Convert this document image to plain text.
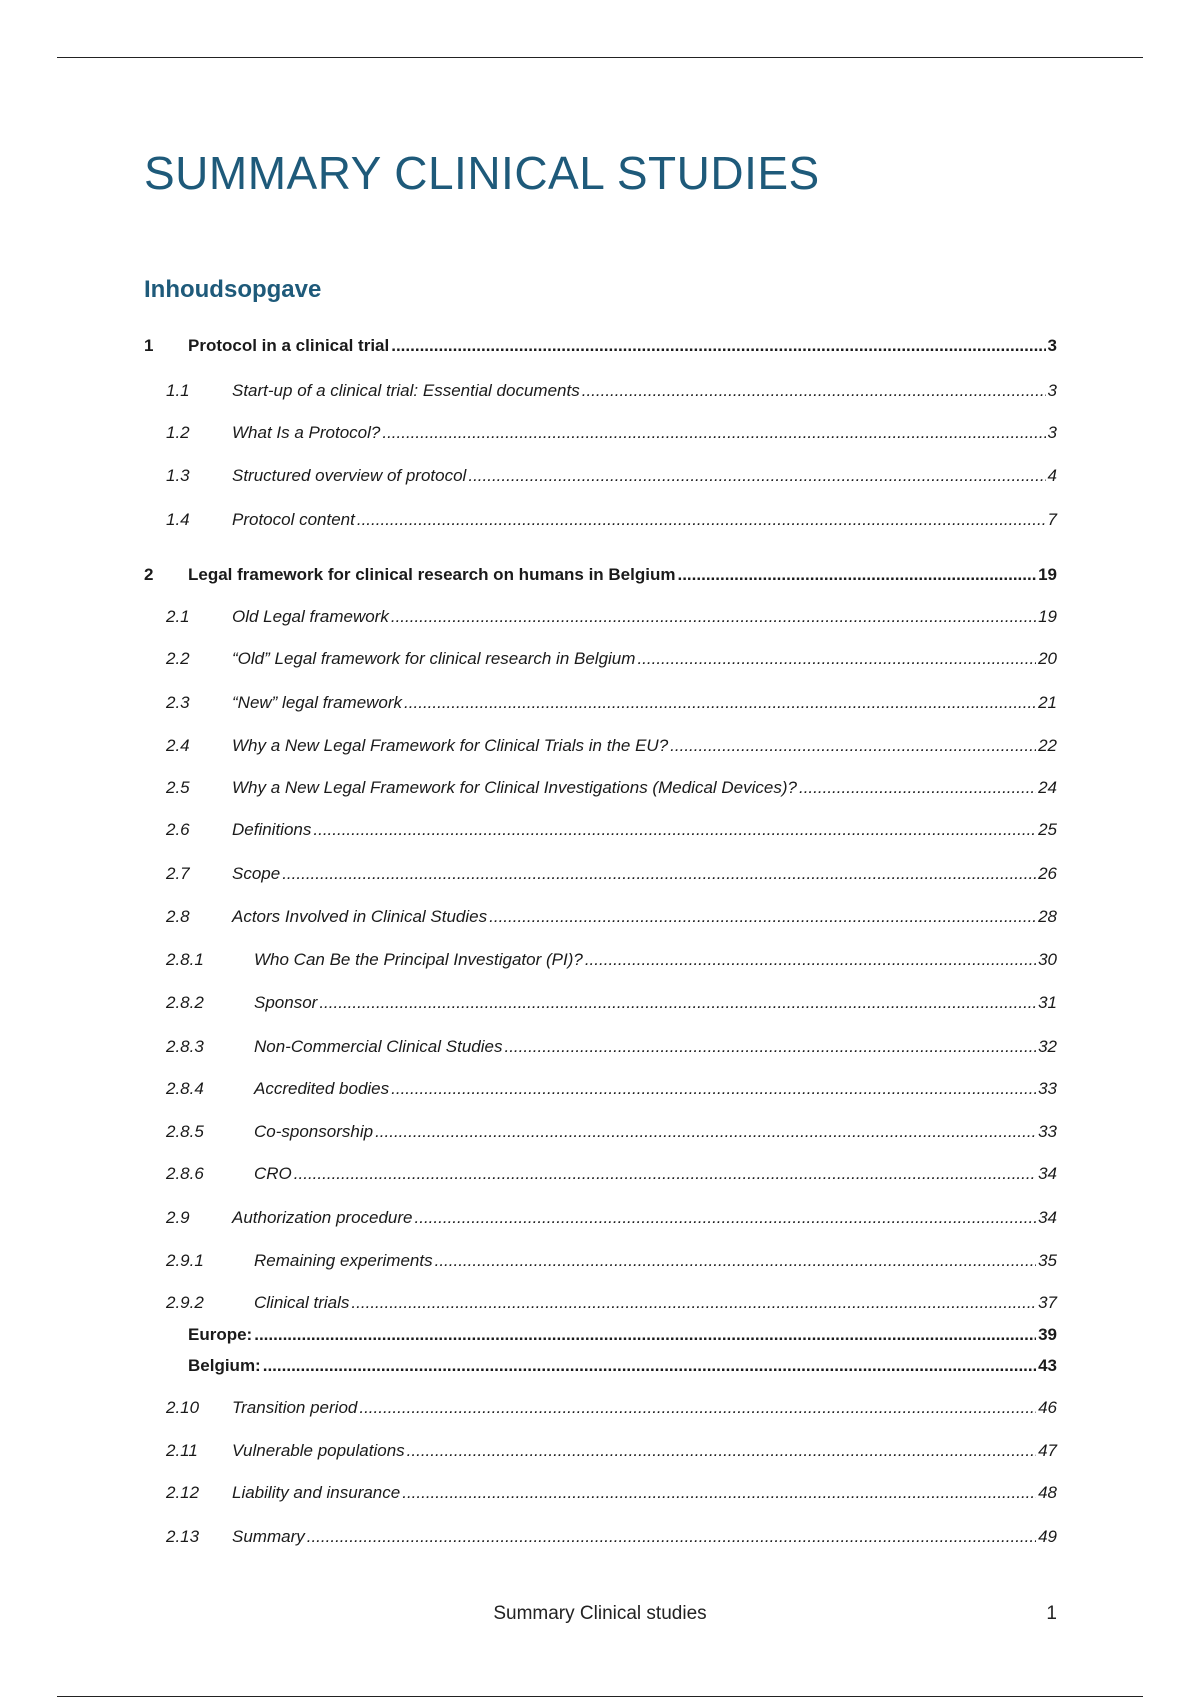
SUMMARY CLINICAL STUDIES
Inhoudsopgave
1	Protocol in a clinical trial .....	3
1.1	Start-up of a clinical trial: Essential documents .....	3
1.2	What Is a Protocol? .....	3
1.3	Structured overview of protocol .....	4
1.4	Protocol content .....	7
2	Legal framework for clinical research on humans in Belgium .....	19
2.1	Old Legal framework .....	19
2.2	“Old” Legal framework for clinical research in Belgium .....	20
2.3	“New” legal framework .....	21
2.4	Why a New Legal Framework for Clinical Trials in the EU? .....	22
2.5	Why a New Legal Framework for Clinical Investigations (Medical Devices)? .....	24
2.6	Definitions .....	25
2.7	Scope .....	26
2.8	Actors Involved in Clinical Studies .....	28
2.8.1	Who Can Be the Principal Investigator (PI)? .....	30
2.8.2	Sponsor .....	31
2.8.3	Non-Commercial Clinical Studies .....	32
2.8.4	Accredited bodies .....	33
2.8.5	Co-sponsorship .....	33
2.8.6	CRO .....	34
2.9	Authorization procedure .....	34
2.9.1	Remaining experiments .....	35
2.9.2	Clinical trials .....	37
Europe: .....	39
Belgium: .....	43
2.10	Transition period .....	46
2.11	Vulnerable populations .....	47
2.12	Liability and insurance .....	48
2.13	Summary .....	49
Summary Clinical studies	1
